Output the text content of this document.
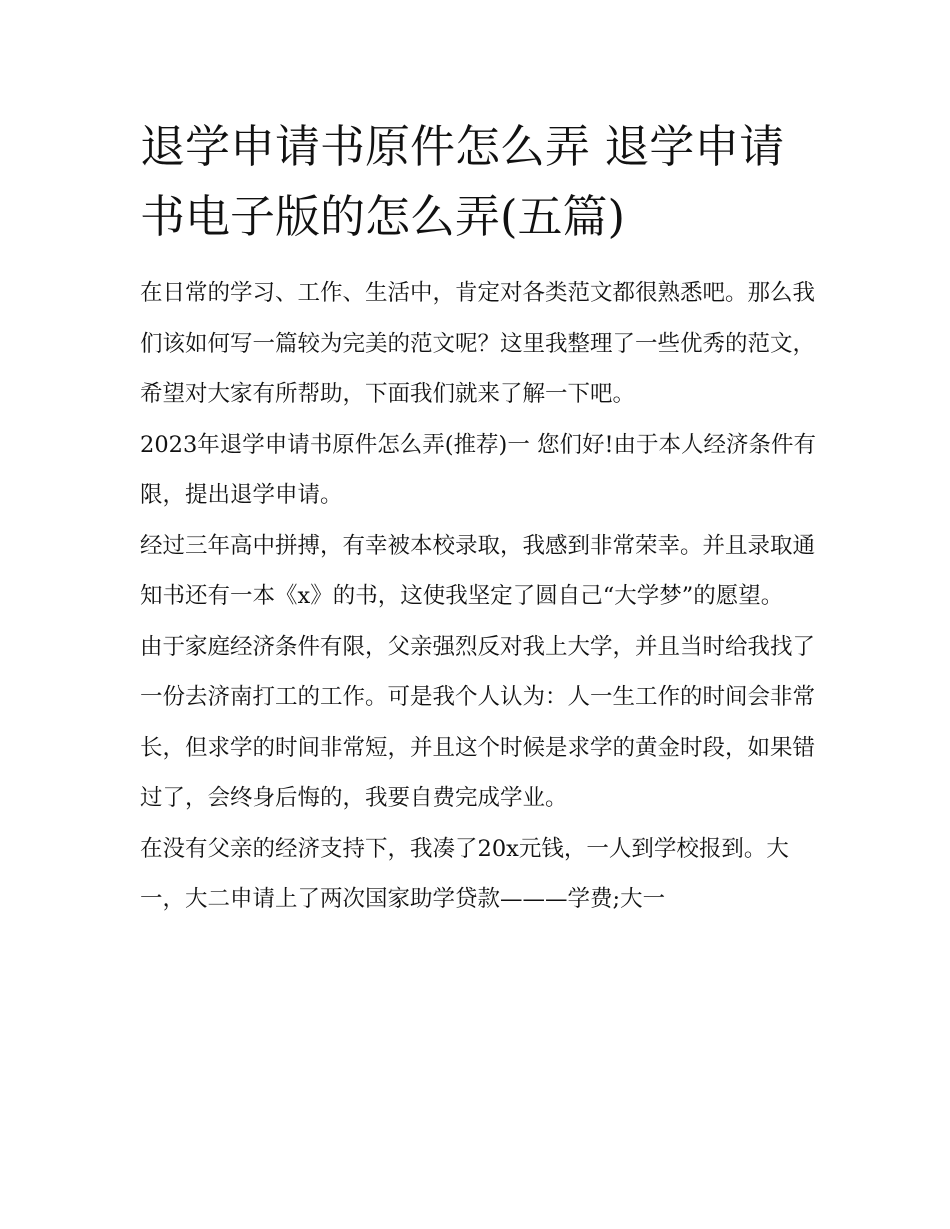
退学申请书原件怎么弄 退学申请书电子版的怎么弄(五篇)

在日常的学习、工作、生活中，肯定对各类范文都很熟悉吧。那么我们该如何写一篇较为完美的范文呢？这里我整理了一些优秀的范文，希望对大家有所帮助，下面我们就来了解一下吧。

2023年退学申请书原件怎么弄(推荐)一 您们好!由于本人经济条件有限，提出退学申请。

经过三年高中拼搏，有幸被本校录取，我感到非常荣幸。并且录取通知书还有一本《x》的书，这使我坚定了圆自己“大学梦”的愿望。

由于家庭经济条件有限，父亲强烈反对我上大学，并且当时给我找了一份去济南打工的工作。可是我个人认为：人一生工作的时间会非常长，但求学的时间非常短，并且这个时候是求学的黄金时段，如果错过了，会终身后悔的，我要自费完成学业。

在没有父亲的经济支持下，我凑了20x元钱，一人到学校报到。大一，大二申请上了两次国家助学贷款———学费;大一
